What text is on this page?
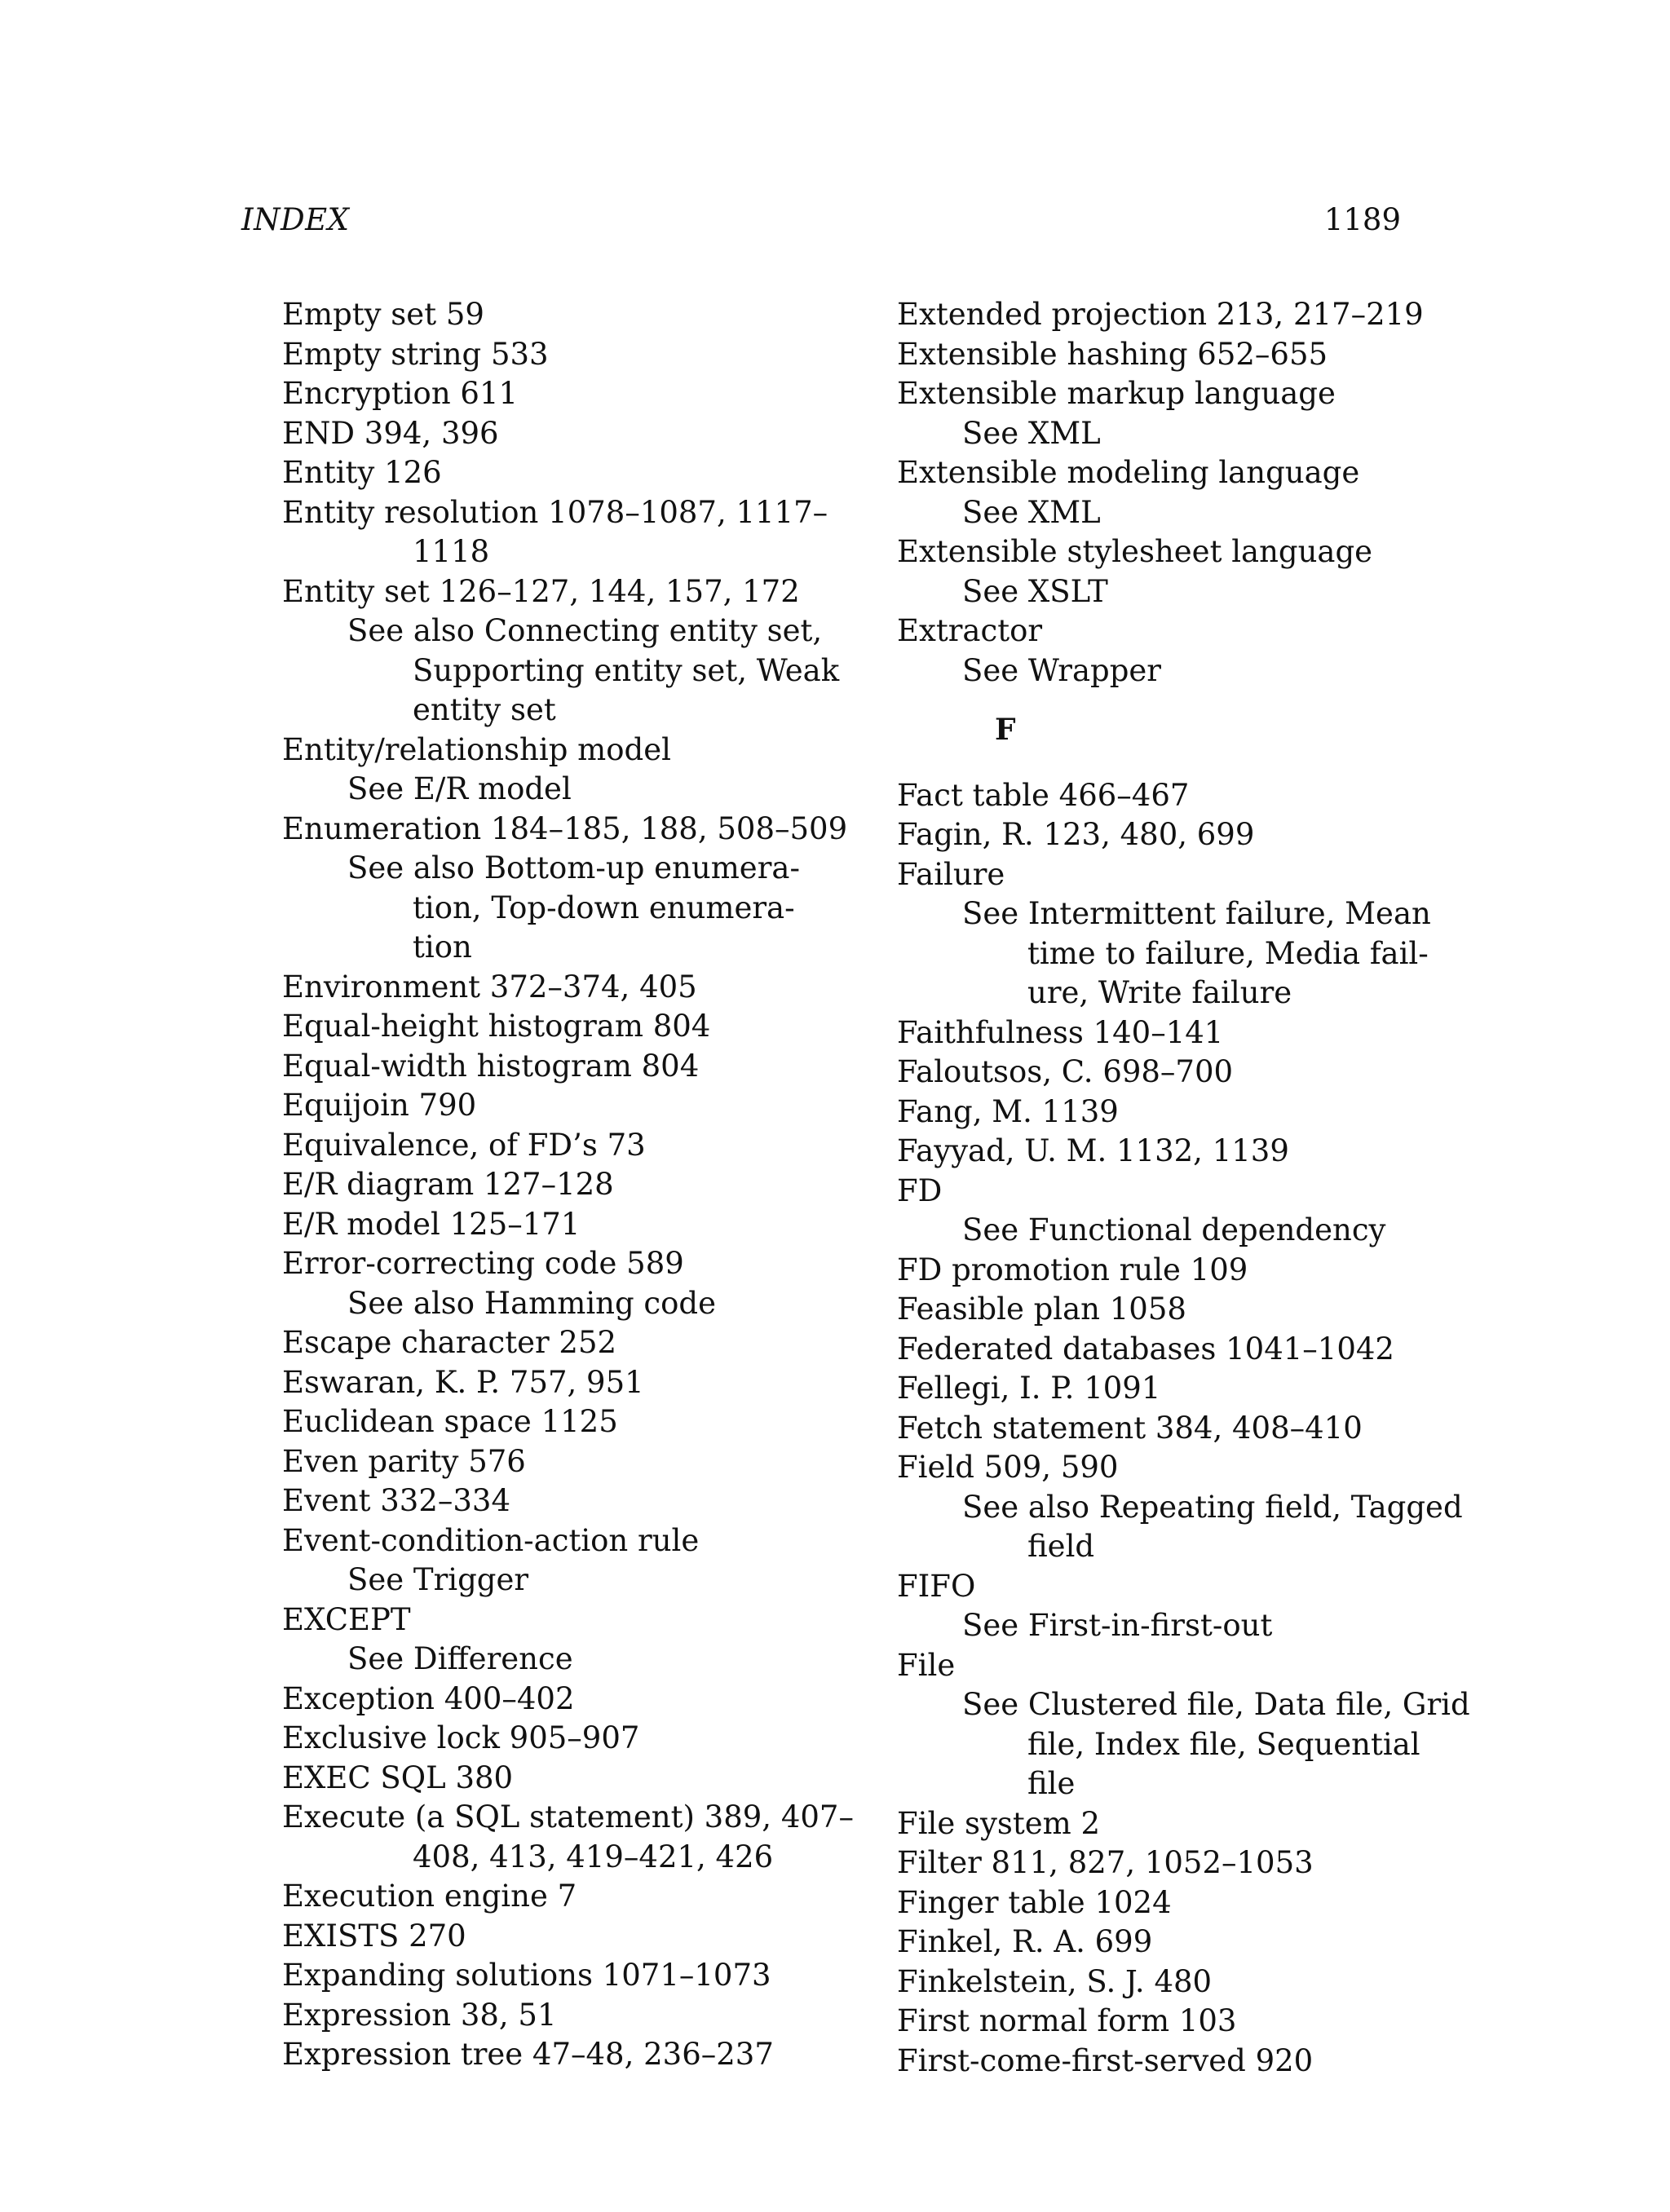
INDEX	1189
Empty set 59
Empty string 533
Encryption 611
END 394, 396
Entity 126
Entity resolution 1078–1087, 1117–
1118
Entity set 126–127, 144, 157, 172
See also Connecting entity set,
Supporting entity set, Weak
entity set
Entity/relationship model
See E/R model
Enumeration 184–185, 188, 508–509
See also Bottom-up enumera-
tion, Top-down enumera-
tion
Environment 372–374, 405
Equal-height histogram 804
Equal-width histogram 804
Equijoin 790
Equivalence, of FD’s 73
E/R diagram 127–128
E/R model 125–171
Error-correcting code 589
See also Hamming code
Escape character 252
Eswaran, K. P. 757, 951
Euclidean space 1125
Even parity 576
Event 332–334
Event-condition-action rule
See Trigger
EXCEPT
See Difference
Exception 400–402
Exclusive lock 905–907
EXEC SQL 380
Execute (a SQL statement) 389, 407–
408, 413, 419–421, 426
Execution engine 7
EXISTS 270
Expanding solutions 1071–1073
Expression 38, 51
Expression tree 47–48, 236–237
Extended projection 213, 217–219
Extensible hashing 652–655
Extensible markup language
See XML
Extensible modeling language
See XML
Extensible stylesheet language
See XSLT
Extractor
See Wrapper
F
Fact table 466–467
Fagin, R. 123, 480, 699
Failure
See Intermittent failure, Mean
time to failure, Media fail-
ure, Write failure
Faithfulness 140–141
Faloutsos, C. 698–700
Fang, M. 1139
Fayyad, U. M. 1132, 1139
FD
See Functional dependency
FD promotion rule 109
Feasible plan 1058
Federated databases 1041–1042
Fellegi, I. P. 1091
Fetch statement 384, 408–410
Field 509, 590
See also Repeating field, Tagged
field
FIFO
See First-in-first-out
File
See Clustered file, Data file, Grid
file, Index file, Sequential
file
File system 2
Filter 811, 827, 1052–1053
Finger table 1024
Finkel, R. A. 699
Finkelstein, S. J. 480
First normal form 103
First-come-first-served 920
